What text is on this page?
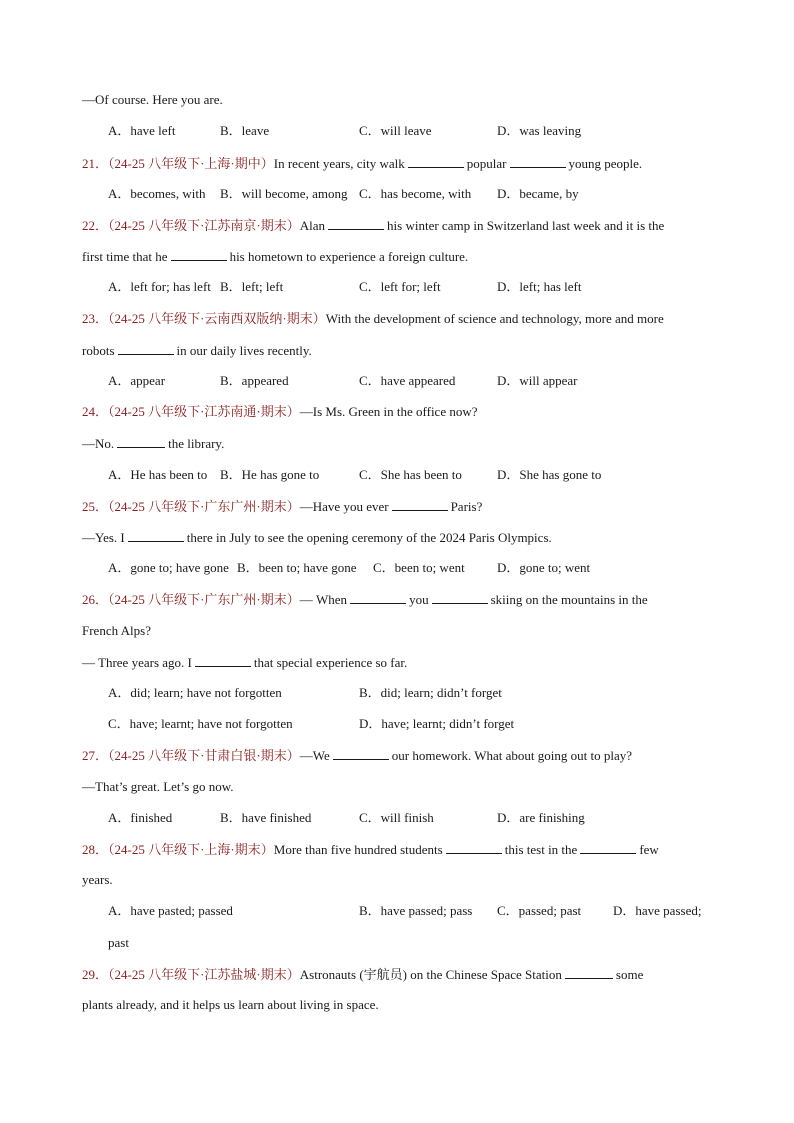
—Of course. Here you are.
A．have left	B．leave	C．will leave	D．was leaving
21．（24-25 八年级下·上海·期中）In recent years, city walk	popular	young people.
A．becomes, with B．will become, among C．has become, with D．became, by
22．（24-25 八年级下·江苏南京·期末）Alan	his winter camp in Switzerland last week and it is the
first time that he	his hometown to experience a foreign culture.
A．left for; has left B．left; left	C．left for; left	D．left; has left
23．（24-25 八年级下·云南西双版纳·期末）With the development of science and technology, more and more
robots	in our daily lives recently.
A．appear	B．appeared	C．have appeared	D．will appear
24．（24-25 八年级下·江苏南通·期末）—Is Ms. Green in the office now?
—No.	the library.
A．He has been to B．He has gone to	C．She has been to	D．She has gone to
25．（24-25 八年级下·广东广州·期末）—Have you ever	Paris?
—Yes. I	there in July to see the opening ceremony of the 2024 Paris Olympics.
A．gone to; have gone B．been to; have gone C．been to; went D．gone to; went
26．（24-25 八年级下·广东广州·期末）— When	you	skiing on the mountains in the
French Alps?
— Three years ago. I	that special experience so far.
A．did; learn; have not forgotten	B．did; learn; didn’t forget
C．have; learnt; have not forgotten	D．have; learnt; didn’t forget
27．（24-25 八年级下·甘肃白银·期末）—We	our homework. What about going out to play?
—That’s great. Let’s go now.
A．finished	B．have finished	C．will finish	D．are finishing
28．（24-25 八年级下·上海·期末）More than five hundred students	this test in the	few
years.
A．have pasted; passed	B．have passed; pass C．passed; past D．have passed;
past
29．（24-25 八年级下·江苏盐城·期末）Astronauts (宇航员) on the Chinese Space Station	some
plants already, and it helps us learn about living in space.
